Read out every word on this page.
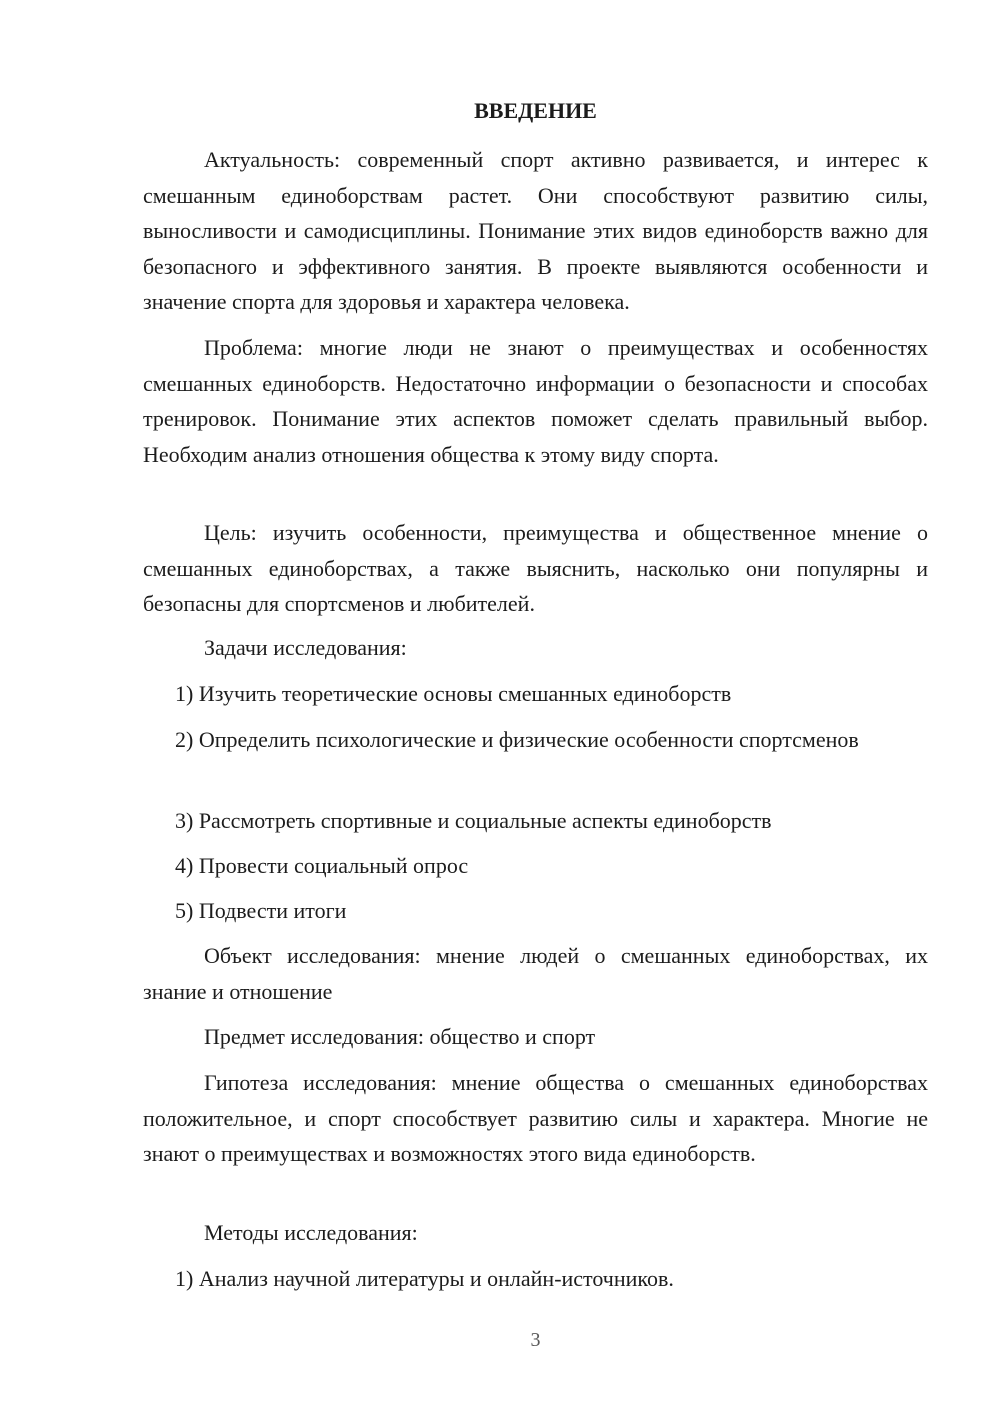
ВВЕДЕНИЕ

Актуальность: современный спорт активно развивается, и интерес к смешанным единоборствам растет. Они способствуют развитию силы, выносливости и самодисциплины. Понимание этих видов единоборств важно для безопасного и эффективного занятия. В проекте выявляются особенности и значение спорта для здоровья и характера человека.

Проблема: многие люди не знают о преимуществах и особенностях смешанных единоборств. Недостаточно информации о безопасности и способах тренировок. Понимание этих аспектов поможет сделать правильный выбор. Необходим анализ отношения общества к этому виду спорта.

Цель: изучить особенности, преимущества и общественное мнение о смешанных единоборствах, а также выяснить, насколько они популярны и безопасны для спортсменов и любителей.

Задачи исследования:

1) Изучить теоретические основы смешанных единоборств

2) Определить психологические и физические особенности спортсменов

3) Рассмотреть спортивные и социальные аспекты единоборств

4) Провести социальный опрос

5) Подвести итоги

Объект исследования: мнение людей о смешанных единоборствах, их знание и отношение

Предмет исследования: общество и спорт

Гипотеза исследования: мнение общества о смешанных единоборствах положительное, и спорт способствует развитию силы и характера. Многие не знают о преимуществах и возможностях этого вида единоборств.

Методы исследования:

1) Анализ научной литературы и онлайн-источников.

3
